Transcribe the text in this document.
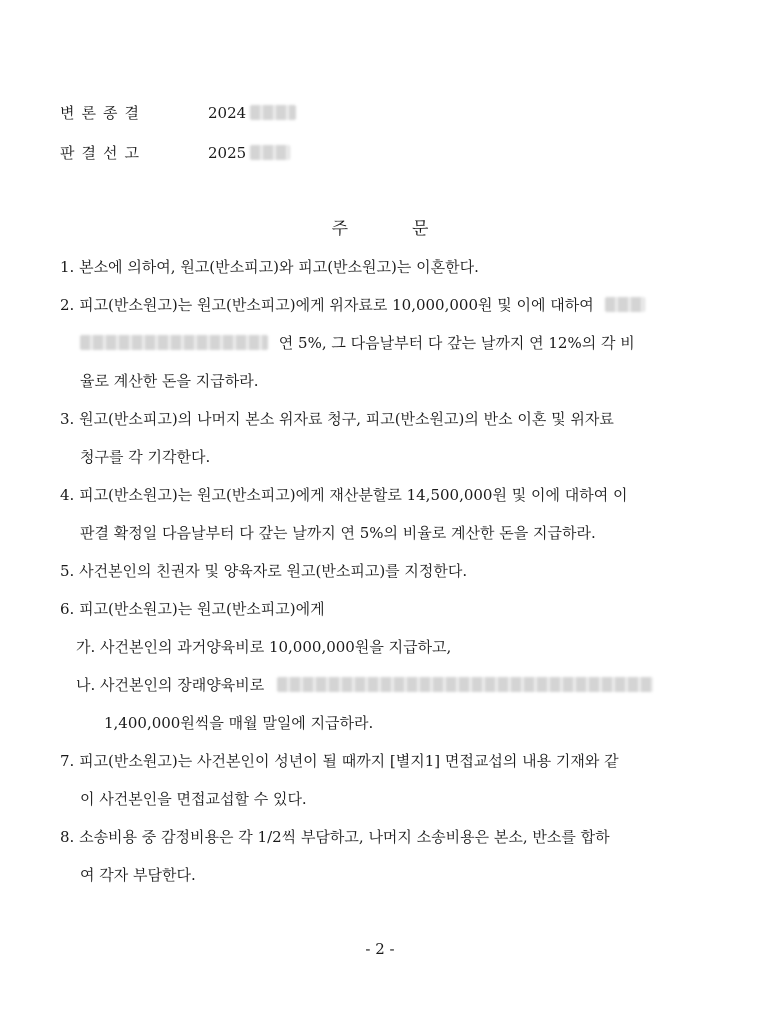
변론종결	2024
판결선고	2025
주	문
1. 본소에 의하여, 원고(반소피고)와 피고(반소원고)는 이혼한다.
2. 피고(반소원고)는 원고(반소피고)에게 위자료로 10,000,000원 및 이에 대하여
연 5%, 그 다음날부터 다 갚는 날까지 연 12%의 각 비
율로 계산한 돈을 지급하라.
3. 원고(반소피고)의 나머지 본소 위자료 청구, 피고(반소원고)의 반소 이혼 및 위자료
청구를 각 기각한다.
4. 피고(반소원고)는 원고(반소피고)에게 재산분할로 14,500,000원 및 이에 대하여 이
판결 확정일 다음날부터 다 갚는 날까지 연 5%의 비율로 계산한 돈을 지급하라.
5. 사건본인의 친권자 및 양육자로 원고(반소피고)를 지정한다.
6. 피고(반소원고)는 원고(반소피고)에게
가. 사건본인의 과거양육비로 10,000,000원을 지급하고,
나. 사건본인의 장래양육비로
1,400,000원씩을 매월 말일에 지급하라.
7. 피고(반소원고)는 사건본인이 성년이 될 때까지 [별지1] 면접교섭의 내용 기재와 같
이 사건본인을 면접교섭할 수 있다.
8. 소송비용 중 감정비용은 각 1/2씩 부담하고, 나머지 소송비용은 본소, 반소를 합하
여 각자 부담한다.
- 2 -
